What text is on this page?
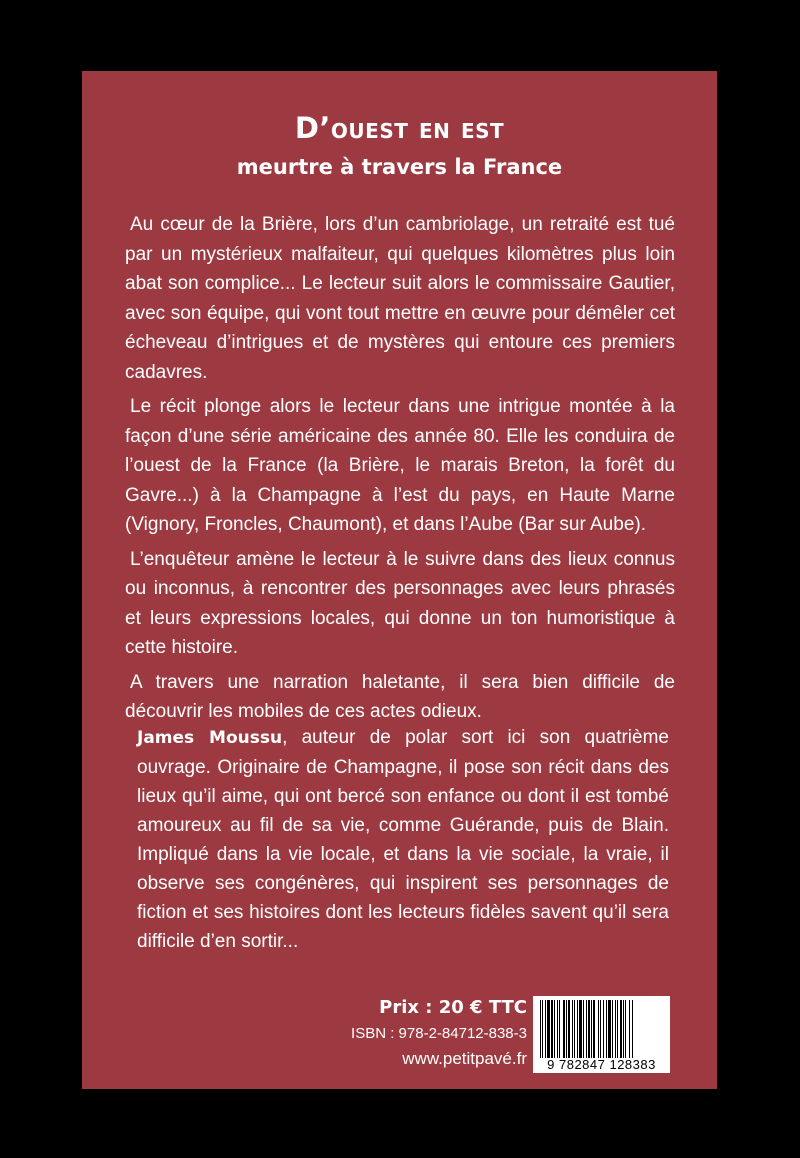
D’ouest en est
meurtre à travers la France

Au cœur de la Brière, lors d’un cambriolage, un retraité est tué par un mystérieux malfaiteur, qui quelques kilomètres plus loin abat son complice... Le lecteur suit alors le commissaire Gautier, avec son équipe, qui vont tout mettre en œuvre pour démêler cet écheveau d’intrigues et de mystères qui entoure ces premiers cadavres.

Le récit plonge alors le lecteur dans une intrigue montée à la façon d’une série américaine des année 80. Elle les conduira de l’ouest de la France (la Brière, le marais Breton, la forêt du Gavre...) à la Champagne à l’est du pays, en Haute Marne (Vignory, Froncles, Chaumont), et dans l’Aube (Bar sur Aube).

L’enquêteur amène le lecteur à le suivre dans des lieux connus ou inconnus, à rencontrer des personnages avec leurs phrasés et leurs expressions locales, qui donne un ton humoristique à cette histoire.

A travers une narration haletante, il sera bien difficile de découvrir les mobiles de ces actes odieux.

James Moussu, auteur de polar sort ici son quatrième ouvrage. Originaire de Champagne, il pose son récit dans des lieux qu’il aime, qui ont bercé son enfance ou dont il est tombé amoureux au fil de sa vie, comme Guérande, puis de Blain. Impliqué dans la vie locale, et dans la vie sociale, la vraie, il observe ses congénères, qui inspirent ses personnages de fiction et ses histoires dont les lecteurs fidèles savent qu’il sera difficile d’en sortir...

Prix : 20 € TTC
ISBN : 978-2-84712-838-3
www.petitpavé.fr	9 782847 128383
